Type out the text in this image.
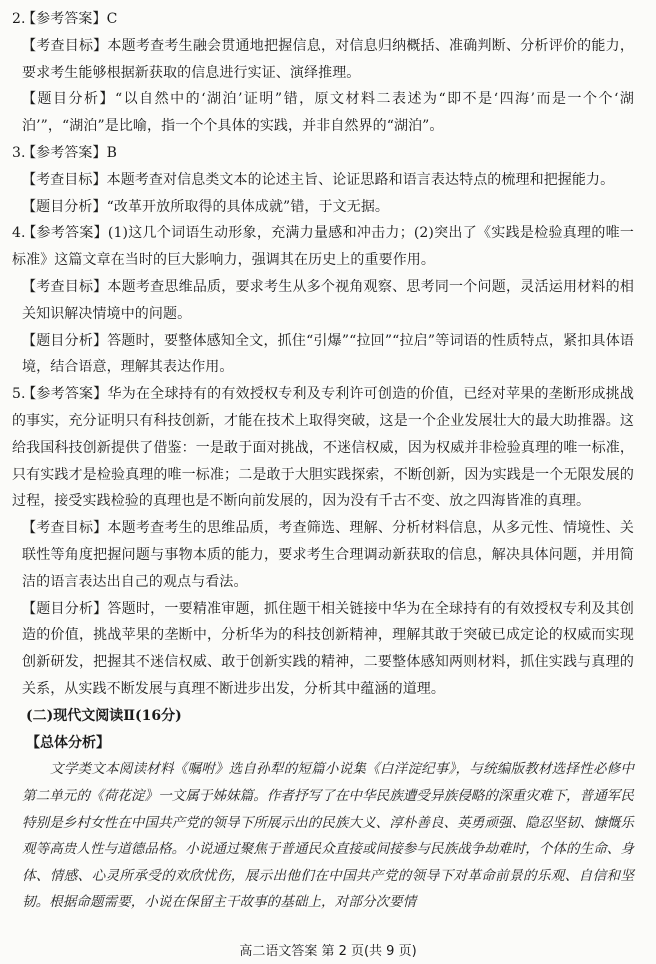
2.【参考答案】C

【考查目标】本题考查考生融会贯通地把握信息，对信息归纳概括、准确判断、分析评价的能力，要求考生能够根据新获取的信息进行实证、演绎推理。

【题目分析】“以自然中的‘湖泊’证明”错，原文材料二表述为“即不是‘四海’而是一个个‘湖泊’”，“湖泊”是比喻，指一个个具体的实践，并非自然界的“湖泊”。

3.【参考答案】B

【考查目标】本题考查对信息类文本的论述主旨、论证思路和语言表达特点的梳理和把握能力。

【题目分析】“改革开放所取得的具体成就”错，于文无据。

4.【参考答案】(1)这几个词语生动形象，充满力量感和冲击力；(2)突出了《实践是检验真理的唯一标准》这篇文章在当时的巨大影响力，强调其在历史上的重要作用。

【考查目标】本题考查思维品质，要求考生从多个视角观察、思考同一个问题，灵活运用材料的相关知识解决情境中的问题。

【题目分析】答题时，要整体感知全文，抓住“引爆”“拉回”“拉启”等词语的性质特点，紧扣具体语境，结合语意，理解其表达作用。

5.【参考答案】华为在全球持有的有效授权专利及专利许可创造的价值，已经对苹果的垄断形成挑战的事实，充分证明只有科技创新，才能在技术上取得突破，这是一个企业发展壮大的最大助推器。这给我国科技创新提供了借鉴：一是敢于面对挑战，不迷信权威，因为权威并非检验真理的唯一标准，只有实践才是检验真理的唯一标准；二是敢于大胆实践探索，不断创新，因为实践是一个无限发展的过程，接受实践检验的真理也是不断向前发展的，因为没有千古不变、放之四海皆准的真理。

【考查目标】本题考查考生的思维品质，考查筛选、理解、分析材料信息，从多元性、情境性、关联性等角度把握问题与事物本质的能力，要求考生合理调动新获取的信息，解决具体问题，并用简洁的语言表达出自己的观点与看法。

【题目分析】答题时，一要精准审题，抓住题干相关链接中华为在全球持有的有效授权专利及其创造的价值，挑战苹果的垄断中，分析华为的科技创新精神，理解其敢于突破已成定论的权威而实现创新研发，把握其不迷信权威、敢于创新实践的精神，二要整体感知两则材料，抓住实践与真理的关系，从实践不断发展与真理不断进步出发，分析其中蕴涵的道理。

(二)现代文阅读Ⅱ(16分)

【总体分析】

文学类文本阅读材料《嘱咐》选自孙犁的短篇小说集《白洋淀纪事》，与统编版教材选择性必修中第二单元的《荷花淀》一文属于姊妹篇。作者抒写了在中华民族遭受异族侵略的深重灾难下，普通军民特别是乡村女性在中国共产党的领导下所展示出的民族大义、淳朴善良、英勇顽强、隐忍坚韧、慷慨乐观等高贵人性与道德品格。小说通过聚焦于普通民众直接或间接参与民族战争劫难时，个体的生命、身体、情感、心灵所承受的欢欣忧伤，展示出他们在中国共产党的领导下对革命前景的乐观、自信和坚韧。根据命题需要，小说在保留主干故事的基础上，对部分次要情

高二语文答案 第 2 页(共 9 页)
